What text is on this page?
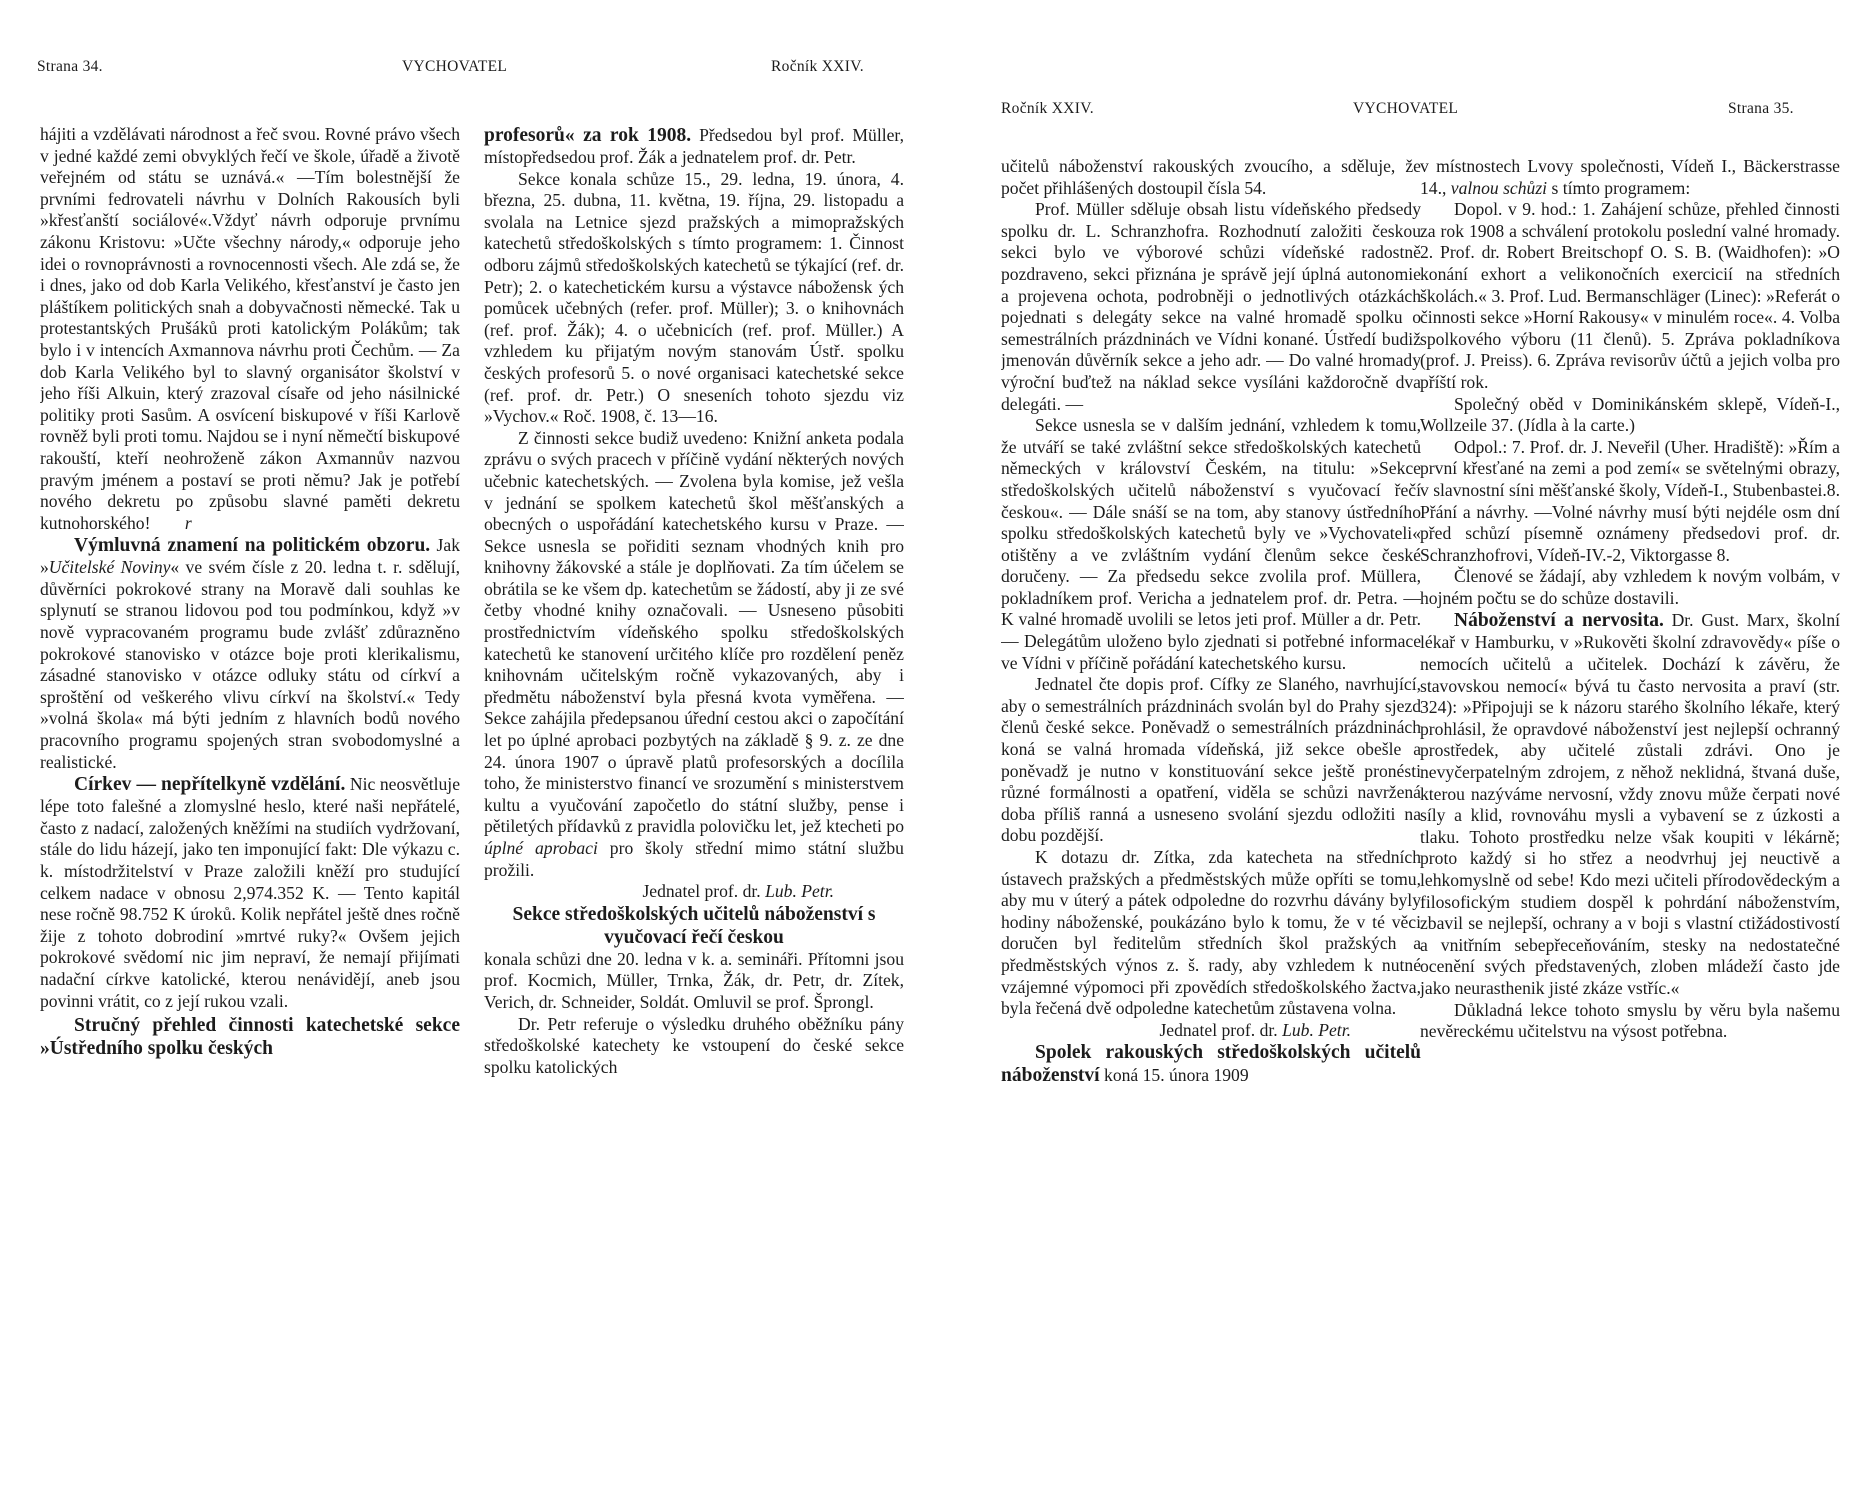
Strana 34.	VYCHOVATEL	Ročník XXIV.

hájiti a vzdělávati národnost a řeč svou. Rovné právo všech v jedné každé zemi obvyklých řečí ve škole, úřadě a životě veřejném od státu se uznává.« —Tím bolestnější že prvními fedrovateli návrhu v Dolních Rakousích byli »křesťanští sociálové«.Vždyť návrh odporuje prvnímu zákonu Kristovu: »Učte všechny národy,« odporuje jeho idei o rovnoprávnosti a rovnocennosti všech. Ale zdá se, že i dnes, jako od dob Karla Velikého, křesťanství je často jen pláštíkem politických snah a dobyvačnosti německé. Tak u protestantských Prušáků proti katolickým Polákům; tak bylo i v intencích Axmannova návrhu proti Čechům. — Za dob Karla Velikého byl to slavný organisátor školství v jeho říši Alkuin, který zrazoval císaře od jeho násilnické politiky proti Sasům. A osvícení biskupové v říši Karlově rovněž byli proti tomu. Najdou se i nyní němečtí biskupové rakouští, kteří neohroženě zákon Axmannův nazvou pravým jménem a postaví se proti němu? Jak je potřebí nového dekretu po způsobu slavné paměti dekretu kutnohorského! r

Výmluvná znamení na politickém obzoru. Jak »Učitelské Noviny« ve svém čísle z 20. ledna t. r. sdělují, důvěrníci pokrokové strany na Moravě dali souhlas ke splynutí se stranou lidovou pod tou podmínkou, když »v nově vypracovaném programu bude zvlášť zdůrazněno pokrokové stanovisko v otázce boje proti klerikalismu, zásadné stanovisko v otázce odluky státu od církví a sproštění od veškerého vlivu církví na školství.« Tedy »volná škola« má býti jedním z hlavních bodů nového pracovního programu spojených stran svobodomyslné a realistické.

Církev — nepřítelkyně vzdělání. Nic neosvětluje lépe toto falešné a zlomyslné heslo, které naši nepřátelé, často z nadací, založených kněžími na studiích vydržovaní, stále do lidu házejí, jako ten imponující fakt: Dle výkazu c. k. místodržitelství v Praze založili kněží pro studující celkem nadace v obnosu 2,974.352 K. — Tento kapitál nese ročně 98.752 K úroků. Kolik nepřátel ještě dnes ročně žije z tohoto dobrodiní »mrtvé ruky?« Ovšem jejich pokrokové svědomí nic jim nepraví, že nemají přijímati nadační církve katolické, kterou nenávidějí, aneb jsou povinni vrátit, co z její rukou vzali.

Stručný přehled činnosti katechetské sekce »Ústředního spolku českých

profesorů« za rok 1908. Předsedou byl prof. Müller, místopředsedou prof. Žák a jednatelem prof. dr. Petr.

Sekce konala schůze 15., 29. ledna, 19. února, 4. března, 25. dubna, 11. května, 19. října, 29. listopadu a svolala na Letnice sjezd pražských a mimopražských katechetů středoškolských s tímto programem: 1. Činnost odboru zájmů středoškolských katechetů se týkající (ref. dr. Petr); 2. o katechetickém kursu a výstavce nábožensk ých pomůcek učebných (refer. prof. Müller); 3. o knihovnách (ref. prof. Žák); 4. o učebnicích (ref. prof. Müller.) A vzhledem ku přijatým novým stanovám Ústř. spolku českých profesorů 5. o nové organisaci katechetské sekce (ref. prof. dr. Petr.) O sneseních tohoto sjezdu viz »Vychov.« Roč. 1908, č. 13—16.

Z činnosti sekce budiž uvedeno: Knižní anketa podala zprávu o svých pracech v příčině vydání některých nových učebnic katechetských. — Zvolena byla komise, jež vešla v jednání se spolkem katechetů škol měšťanských a obecných o uspořádání katechetského kursu v Praze. — Sekce usnesla se pořiditi seznam vhodných knih pro knihovny žákovské a stále je doplňovati. Za tím účelem se obrátila se ke všem dp. katechetům se žádostí, aby ji ze své četby vhodné knihy označovali. — Usneseno působiti prostřednictvím vídeňského spolku středoškolských katechetů ke stanovení určitého klíče pro rozdělení peněz knihovnám učitelským ročně vykazovaných, aby i předmětu náboženství byla přesná kvota vyměřena. — Sekce zahájila předepsanou úřední cestou akci o započítání let po úplné aprobaci pozbytých na základě § 9. z. ze dne 24. února 1907 o úpravě platů profesorských a docílila toho, že ministerstvo financí ve srozumění s ministerstvem kultu a vyučování započetlo do státní služby, pense i pětiletých přídavků z pravidla polovičku let, jež ktecheti po úplné aprobaci pro školy střední mimo státní službu prožili.

Jednatel prof. dr. Lub. Petr.

Sekce středoškolských učitelů náboženství s vyučovací řečí českou

konala schůzi dne 20. ledna v k. a. semináři. Přítomni jsou prof. Kocmich, Müller, Trnka, Žák, dr. Petr, dr. Zítek, Verich, dr. Schneider, Soldát. Omluvil se prof. Šprongl.

Dr. Petr referuje o výsledku druhého oběžníku pány středoškolské katechety ke vstoupení do české sekce spolku katolických

Ročník XXIV.	VYCHOVATEL	Strana 35.

učitelů náboženství rakouských zvoucího, a sděluje, že počet přihlášených dostoupil čísla 54.

Prof. Müller sděluje obsah listu vídeňského předsedy spolku dr. L. Schranzhofra. Rozhodnutí založiti českou sekci bylo ve výborové schůzi vídeňské radostně pozdraveno, sekci přiznána je správě její úplná autonomie a projevena ochota, podrobněji o jednotlivých otázkách pojednati s delegáty sekce na valné hromadě spolku o semestrálních prázdninách ve Vídni konané. Ústředí budiž jmenován důvěrník sekce a jeho adr. — Do valné hromady výroční buďtež na náklad sekce vysíláni každoročně dva delegáti. —

Sekce usnesla se v dalším jednání, vzhledem k tomu, že utváří se také zvláštní sekce středoškolských katechetů německých v království Českém, na titulu: »Sekce středoškolských učitelů náboženství s vyučovací řečí českou«. — Dále snáší se na tom, aby stanovy ústředního spolku středoškolských katechetů byly ve »Vychovateli« otištěny a ve zvláštním vydání členům sekce české doručeny. — Za předsedu sekce zvolila prof. Müllera, pokladníkem prof. Vericha a jednatelem prof. dr. Petra. — K valné hromadě uvolili se letos jeti prof. Müller a dr. Petr. — Delegátům uloženo bylo zjednati si potřebné informace ve Vídni v příčině pořádání katechetského kursu.

Jednatel čte dopis prof. Cífky ze Slaného, navrhující, aby o semestrálních prázdninách svolán byl do Prahy sjezd členů české sekce. Poněvadž o semestrálních prázdninách koná se valná hromada vídeňská, již sekce obešle a poněvadž je nutno v konstituování sekce ještě pronésti různé formálnosti a opatření, viděla se schůzi navržená doba příliš ranná a usneseno svolání sjezdu odložiti na dobu pozdější.

K dotazu dr. Zítka, zda katecheta na středních ústavech pražských a předměstských může opříti se tomu, aby mu v úterý a pátek odpoledne do rozvrhu dávány byly hodiny náboženské, poukázáno bylo k tomu, že v té věci doručen byl ředitelům středních škol pražských a předměstských výnos z. š. rady, aby vzhledem k nutné vzájemné výpomoci při zpovědích středoškolského žactva, byla řečená dvě odpoledne katechetům zůstavena volna.

Jednatel prof. dr. Lub. Petr.

Spolek rakouských středoškolských učitelů náboženství koná 15. února 1909

v místnostech Lvovy společnosti, Vídeň I., Bäckerstrasse 14., valnou schůzi s tímto programem:

Dopol. v 9. hod.: 1. Zahájení schůze, přehled činnosti za rok 1908 a schválení protokolu poslední valné hromady. 2. Prof. dr. Robert Breitschopf O. S. B. (Waidhofen): »O konání exhort a velikonočních exercicií na středních školách.« 3. Prof. Lud. Bermanschläger (Linec): »Referát o činnosti sekce »Horní Rakousy« v minulém roce«. 4. Volba spolkového výboru (11 členů). 5. Zpráva pokladníkova (prof. J. Preiss). 6. Zpráva revisorův účtů a jejich volba pro příští rok.

Společný oběd v Dominikánském sklepě, Vídeň-I., Wollzeile 37. (Jídla à la carte.)

Odpol.: 7. Prof. dr. J. Neveřil (Uher. Hradiště): »Řím a první křesťané na zemi a pod zemí« se světelnými obrazy, v slavnostní síni měšťanské školy, Vídeň-I., Stubenbastei.8. Přání a návrhy. —Volné návrhy musí býti nejdéle osm dní před schůzí písemně oznámeny předsedovi prof. dr. Schranzhofrovi, Vídeň-IV.-2, Viktorgasse 8.

Členové se žádají, aby vzhledem k novým volbám, v hojném počtu se do schůze dostavili.

Náboženství a nervosita. Dr. Gust. Marx, školní lékař v Hamburku, v »Rukověti školní zdravovědy« píše o nemocích učitelů a učitelek. Dochází k závěru, že stavovskou nemocí« bývá tu často nervosita a praví (str. 324): »Připojuji se k názoru starého školního lékaře, který prohlásil, že opravdové náboženství jest nejlepší ochranný prostředek, aby učitelé zůstali zdrávi. Ono je nevyčerpatelným zdrojem, z něhož neklidná, štvaná duše, kterou nazýváme nervosní, vždy znovu může čerpati nové síly a klid, rovnováhu mysli a vybavení se z úzkosti a tlaku. Tohoto prostředku nelze však koupiti v lékárně; proto každý si ho střez a neodvrhuj jej neuctivě a lehkomyslně od sebe! Kdo mezi učiteli přírodovědeckým a filosofickým studiem dospěl k pohrdání náboženstvím, zbavil se nejlepší, ochrany a v boji s vlastní ctižádostivostí a vnitřním sebepřeceňováním, stesky na nedostatečné ocenění svých představených, zloben mládeží často jde jako neurasthenik jisté zkáze vstříc.«

Důkladná lekce tohoto smyslu by věru byla našemu nevěreckému učitelstvu na výsost potřebna.
